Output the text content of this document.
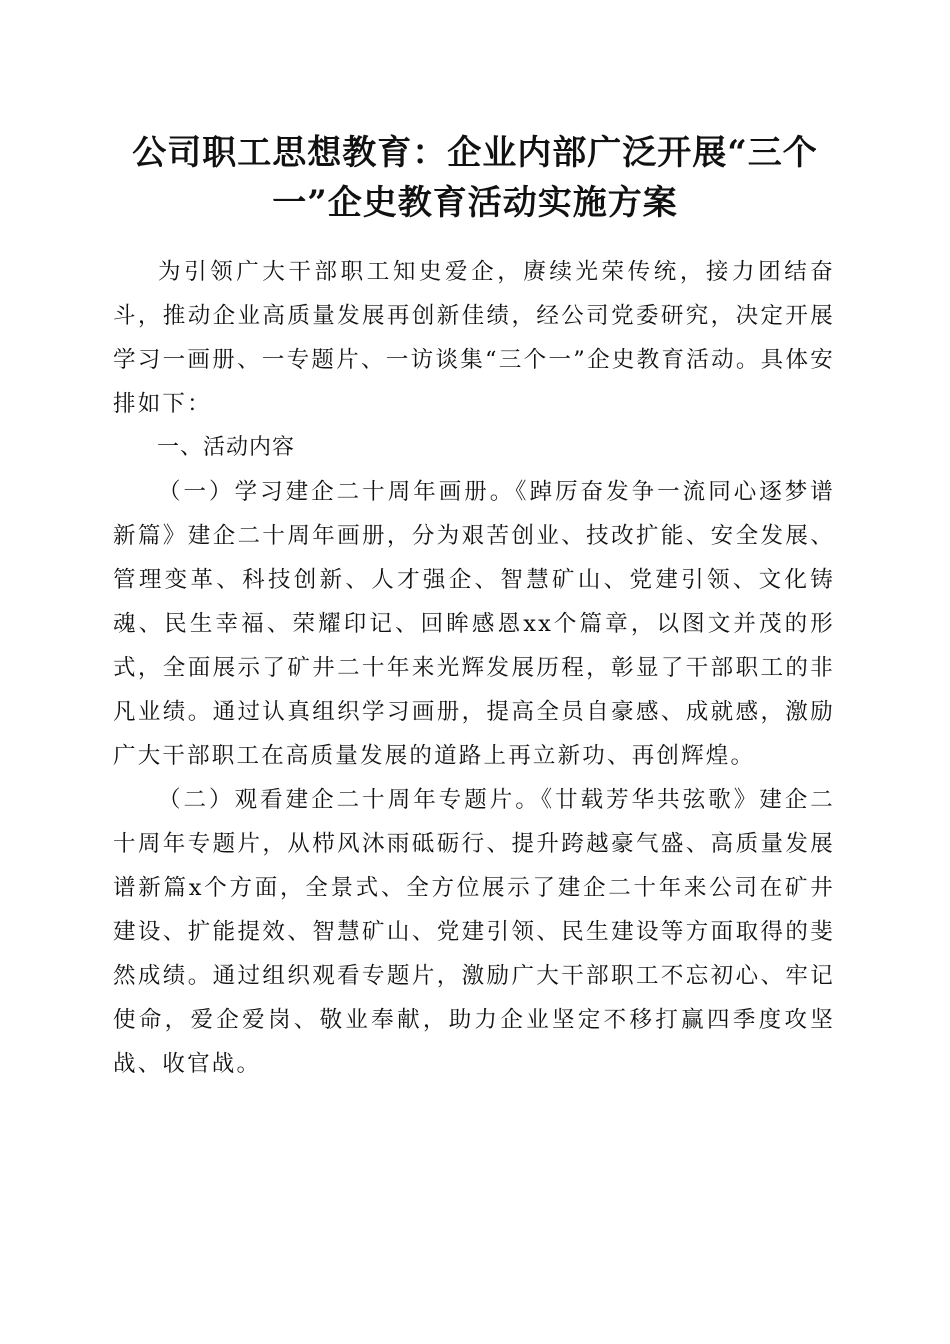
公司职工思想教育：企业内部广泛开展“三个一”企史教育活动实施方案

为引领广大干部职工知史爱企，赓续光荣传统，接力团结奋斗，推动企业高质量发展再创新佳绩，经公司党委研究，决定开展学习一画册、一专题片、一访谈集“三个一”企史教育活动。具体安排如下：

一、活动内容

（一）学习建企二十周年画册。《踔厉奋发争一流同心逐梦谱新篇》建企二十周年画册，分为艰苦创业、技改扩能、安全发展、管理变革、科技创新、人才强企、智慧矿山、党建引领、文化铸魂、民生幸福、荣耀印记、回眸感恩xx个篇章，以图文并茂的形式，全面展示了矿井二十年来光辉发展历程，彰显了干部职工的非凡业绩。通过认真组织学习画册，提高全员自豪感、成就感，激励广大干部职工在高质量发展的道路上再立新功、再创辉煌。

（二）观看建企二十周年专题片。《廿载芳华共弦歌》建企二十周年专题片，从栉风沐雨砥砺行、提升跨越豪气盛、高质量发展谱新篇x个方面，全景式、全方位展示了建企二十年来公司在矿井建设、扩能提效、智慧矿山、党建引领、民生建设等方面取得的斐然成绩。通过组织观看专题片，激励广大干部职工不忘初心、牢记使命，爱企爱岗、敬业奉献，助力企业坚定不移打赢四季度攻坚战、收官战。
